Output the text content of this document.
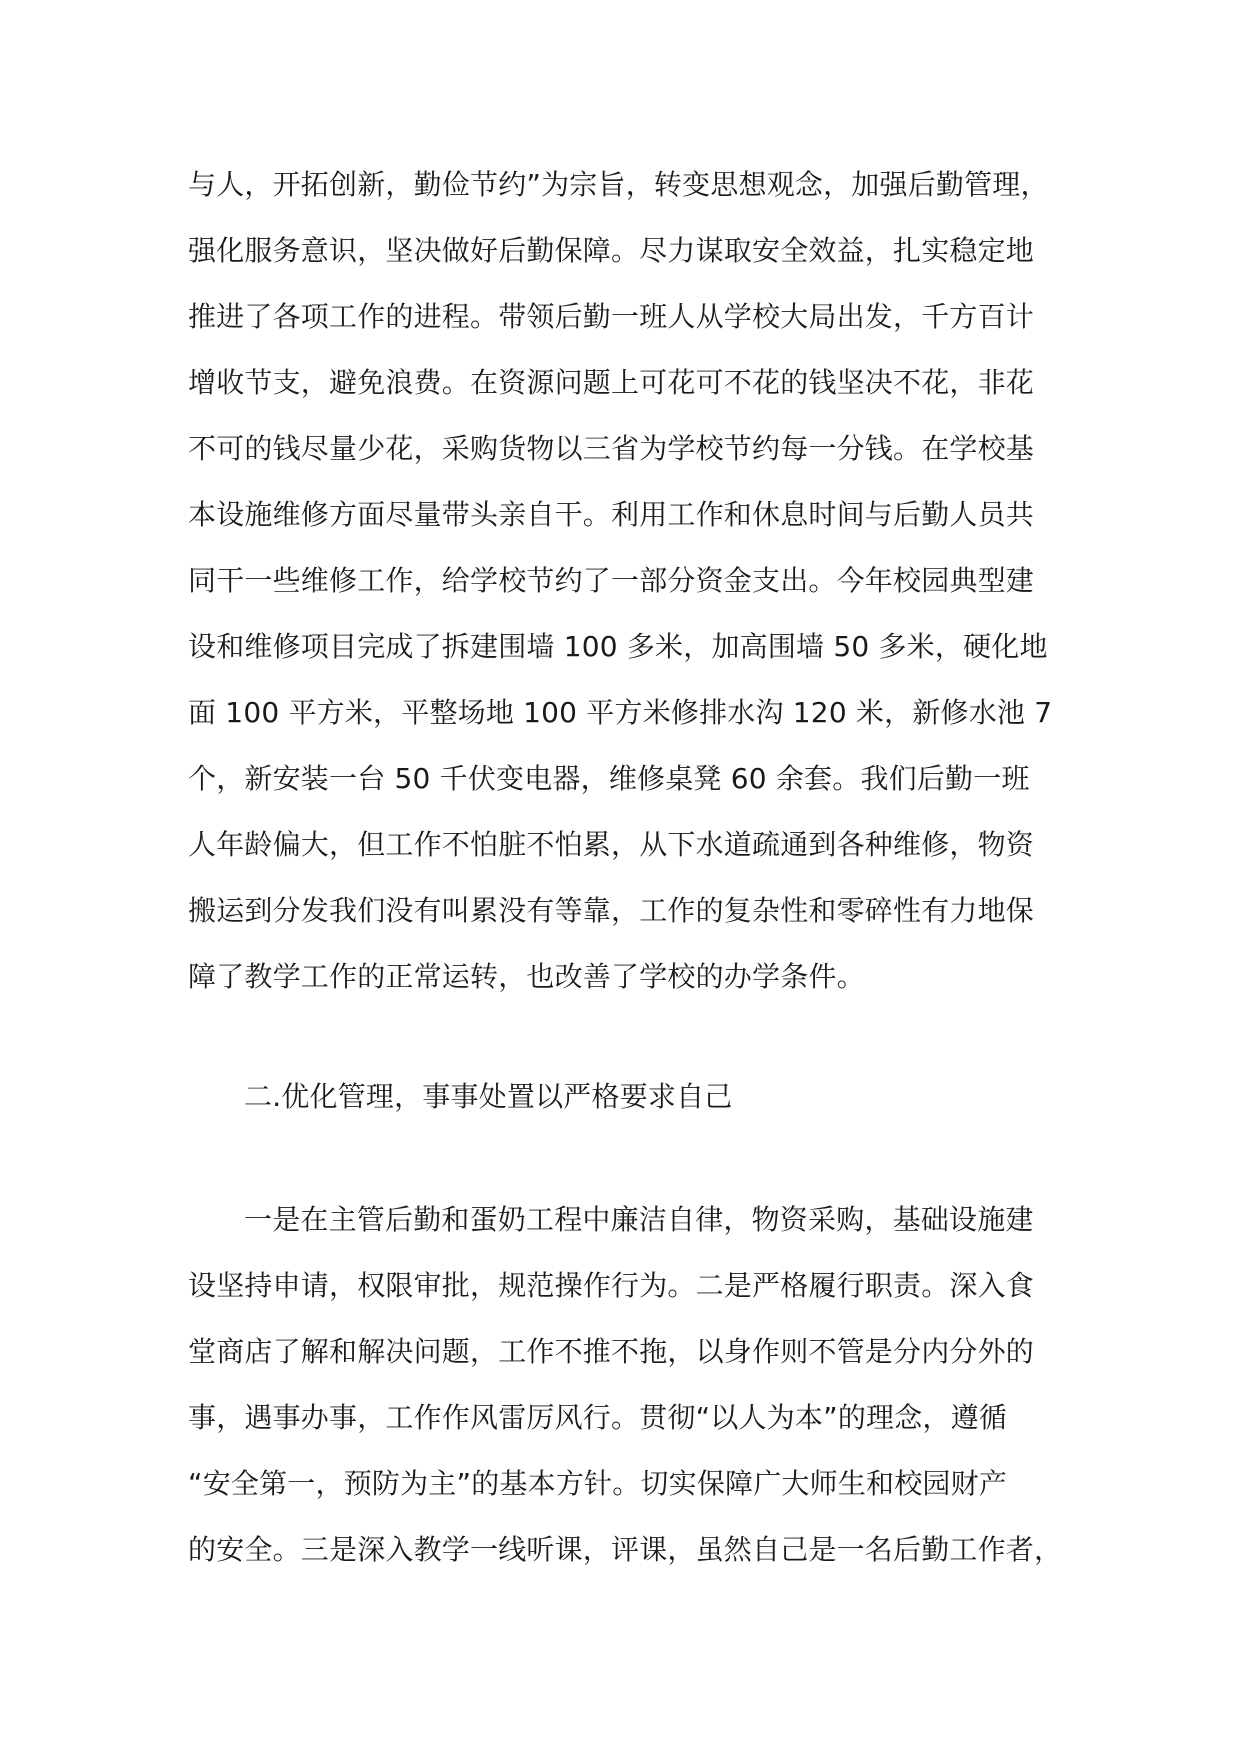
与人，开拓创新，勤俭节约”为宗旨，转变思想观念，加强后勤管理，
强化服务意识，坚决做好后勤保障。尽力谋取安全效益，扎实稳定地
推进了各项工作的进程。带领后勤一班人从学校大局出发，千方百计
增收节支，避免浪费。在资源问题上可花可不花的钱坚决不花，非花
不可的钱尽量少花，采购货物以三省为学校节约每一分钱。在学校基
本设施维修方面尽量带头亲自干。利用工作和休息时间与后勤人员共
同干一些维修工作，给学校节约了一部分资金支出。今年校园典型建
设和维修项目完成了拆建围墙 100 多米，加高围墙 50 多米，硬化地
面 100 平方米，平整场地 100 平方米修排水沟 120 米，新修水池 7
个，新安装一台 50 千伏变电器，维修桌凳 60 余套。我们后勤一班
人年龄偏大，但工作不怕脏不怕累，从下水道疏通到各种维修，物资
搬运到分发我们没有叫累没有等靠，工作的复杂性和零碎性有力地保
障了教学工作的正常运转，也改善了学校的办学条件。
二.优化管理，事事处置以严格要求自己
一是在主管后勤和蛋奶工程中廉洁自律，物资采购，基础设施建
设坚持申请，权限审批，规范操作行为。二是严格履行职责。深入食
堂商店了解和解决问题，工作不推不拖，以身作则不管是分内分外的
事，遇事办事，工作作风雷厉风行。贯彻“以人为本”的理念，遵循
“安全第一，预防为主”的基本方针。切实保障广大师生和校园财产
的安全。三是深入教学一线听课，评课，虽然自己是一名后勤工作者，
